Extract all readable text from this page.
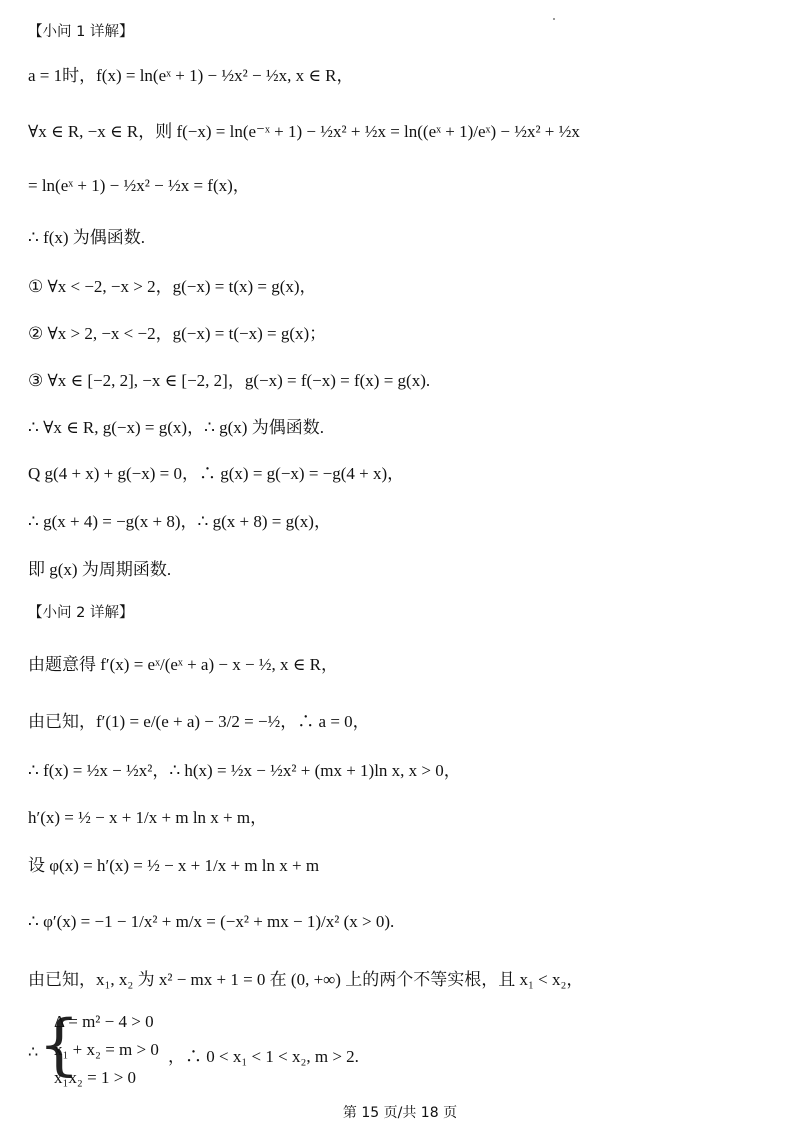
【小问 1 详解】
a = 1时，f(x) = ln(eˣ + 1) − ½x² − ½x, x ∈ R，
∀x ∈ R, −x ∈ R，则 f(−x) = ln(e⁻ˣ + 1) − ½x² + ½x = ln((eˣ + 1)/eˣ) − ½x² + ½x
= ln(eˣ + 1) − ½x² − ½x = f(x)，
∴ f(x) 为偶函数.
① ∀x < −2, −x > 2，g(−x) = t(x) = g(x)，
② ∀x > 2, −x < −2，g(−x) = t(−x) = g(x)；
③ ∀x ∈ [−2, 2], −x ∈ [−2, 2]，g(−x) = f(−x) = f(x) = g(x).
∴ ∀x ∈ R, g(−x) = g(x)，∴ g(x) 为偶函数.
Q g(4 + x) + g(−x) = 0，∴ g(x) = g(−x) = −g(4 + x)，
∴ g(x + 4) = −g(x + 8)，∴ g(x + 8) = g(x)，
即 g(x) 为周期函数.
【小问 2 详解】
由题意得 f′(x) = eˣ/(eˣ + a) − x − ½, x ∈ R，
由已知，f′(1) = e/(e + a) − 3/2 = −½，∴ a = 0，
∴ f(x) = ½x − ½x²，∴ h(x) = ½x − ½x² + (mx + 1)ln x, x > 0，
h′(x) = ½ − x + 1/x + m ln x + m，
设 φ(x) = h′(x) = ½ − x + 1/x + m ln x + m
∴ φ′(x) = −1 − 1/x² + m/x = (−x² + mx − 1)/x² (x > 0).
由已知，x₁, x₂ 为 x² − mx + 1 = 0 在 (0, +∞) 上的两个不等实根，且 x₁ < x₂，
∴ {
Δ = m² − 4 > 0
x₁ + x₂ = m > 0
x₁x₂ = 1 > 0
，∴ 0 < x₁ < 1 < x₂, m > 2.
第 15 页/共 18 页
